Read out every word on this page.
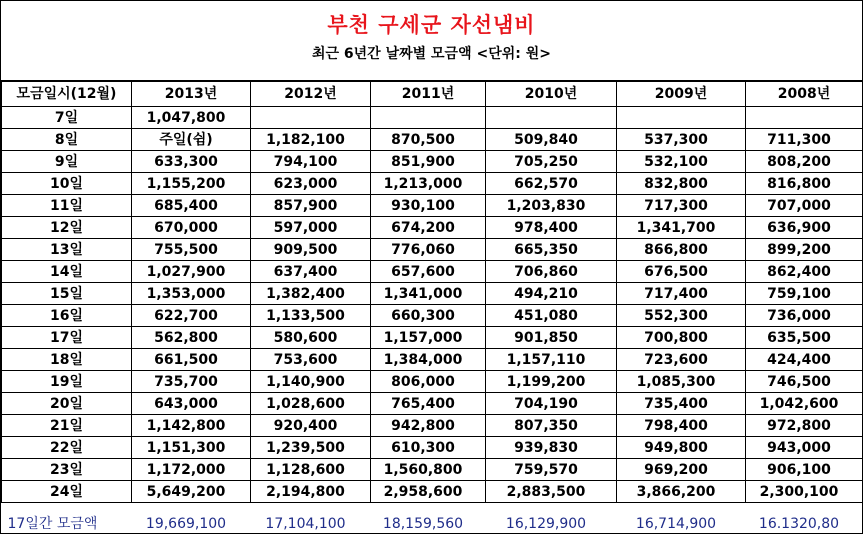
부천 구세군 자선냄비
최근 6년간 날짜별 모금액 <단위: 원>
모금일시(12월)	2013년	2012년	2011년	2010년	2009년	2008년
7일	1,047,800					
8일	주일(쉼)	1,182,100	870,500	509,840	537,300	711,300
9일	633,300	794,100	851,900	705,250	532,100	808,200
10일	1,155,200	623,000	1,213,000	662,570	832,800	816,800
11일	685,400	857,900	930,100	1,203,830	717,300	707,000
12일	670,000	597,000	674,200	978,400	1,341,700	636,900
13일	755,500	909,500	776,060	665,350	866,800	899,200
14일	1,027,900	637,400	657,600	706,860	676,500	862,400
15일	1,353,000	1,382,400	1,341,000	494,210	717,400	759,100
16일	622,700	1,133,500	660,300	451,080	552,300	736,000
17일	562,800	580,600	1,157,000	901,850	700,800	635,500
18일	661,500	753,600	1,384,000	1,157,110	723,600	424,400
19일	735,700	1,140,900	806,000	1,199,200	1,085,300	746,500
20일	643,000	1,028,600	765,400	704,190	735,400	1,042,600
21일	1,142,800	920,400	942,800	807,350	798,400	972,800
22일	1,151,300	1,239,500	610,300	939,830	949,800	943,000
23일	1,172,000	1,128,600	1,560,800	759,570	969,200	906,100
24일	5,649,200	2,194,800	2,958,600	2,883,500	3,866,200	2,300,100
17일간 모금액	19,669,100	17,104,100	18,159,560	16,129,900	16,714,900	16.1320,80
